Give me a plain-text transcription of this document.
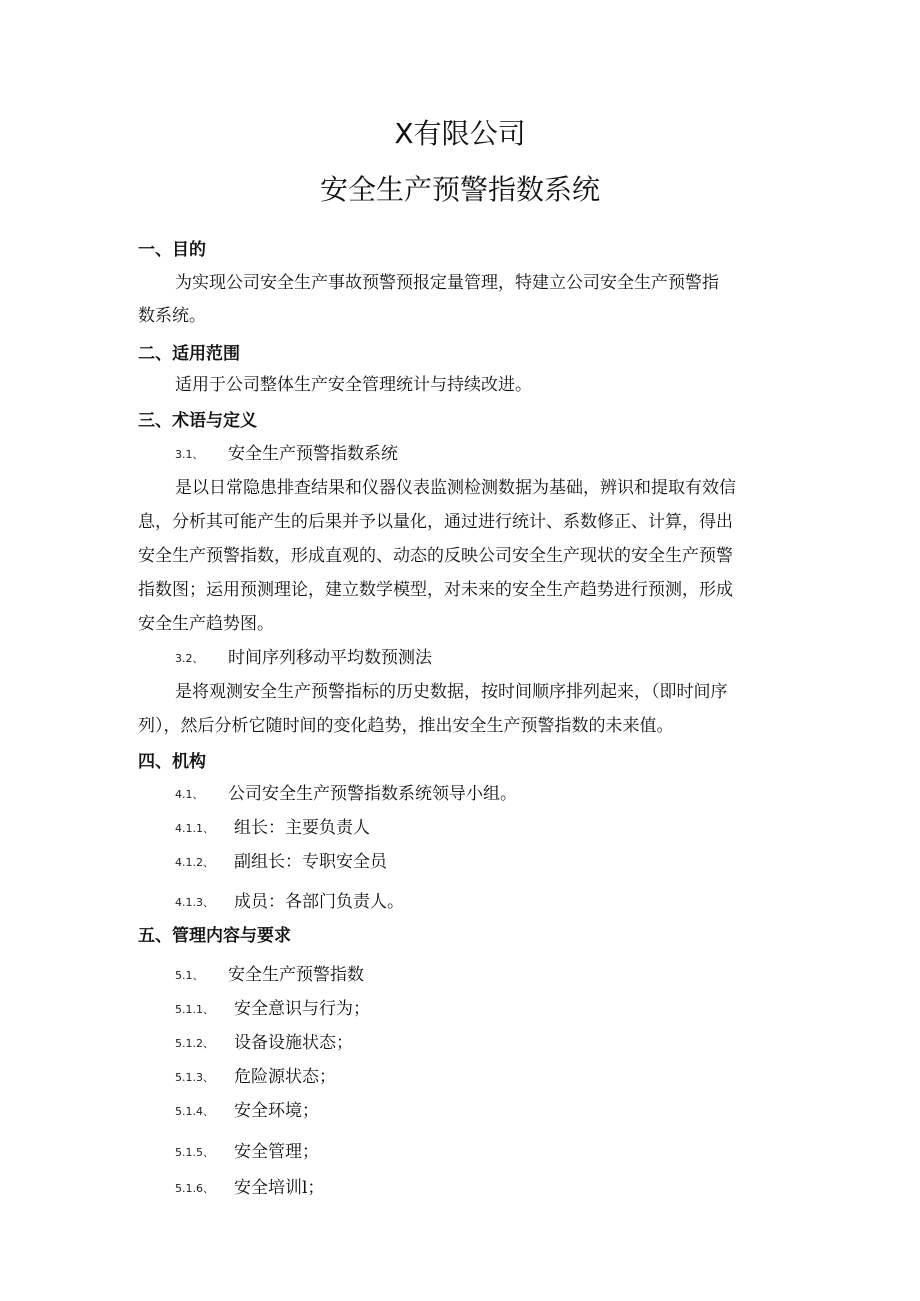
X有限公司
安全生产预警指数系统
一、目的
为实现公司安全生产事故预警预报定量管理，特建立公司安全生产预警指
数系统。
二、适用范围
适用于公司整体生产安全管理统计与持续改进。
三、术语与定义
3.1、 安全生产预警指数系统
是以日常隐患排查结果和仪器仪表监测检测数据为基础，辨识和提取有效信
息，分析其可能产生的后果并予以量化，通过进行统计、系数修正、计算，得出
安全生产预警指数，形成直观的、动态的反映公司安全生产现状的安全生产预警
指数图；运用预测理论，建立数学模型，对未来的安全生产趋势进行预测，形成
安全生产趋势图。
3.2、 时间序列移动平均数预测法
是将观测安全生产预警指标的历史数据，按时间顺序排列起来，（即时间序
列），然后分析它随时间的变化趋势，推出安全生产预警指数的未来值。
四、机构
4.1、 公司安全生产预警指数系统领导小组。
4.1.1、 组长：主要负责人
4.1.2、 副组长：专职安全员
4.1.3、 成员：各部门负责人。
五、管理内容与要求
5.1、 安全生产预警指数
5.1.1、 安全意识与行为；
5.1.2、 设备设施状态；
5.1.3、 危险源状态；
5.1.4、 安全环境；
5.1.5、 安全管理；
5.1.6、 安全培训l；
